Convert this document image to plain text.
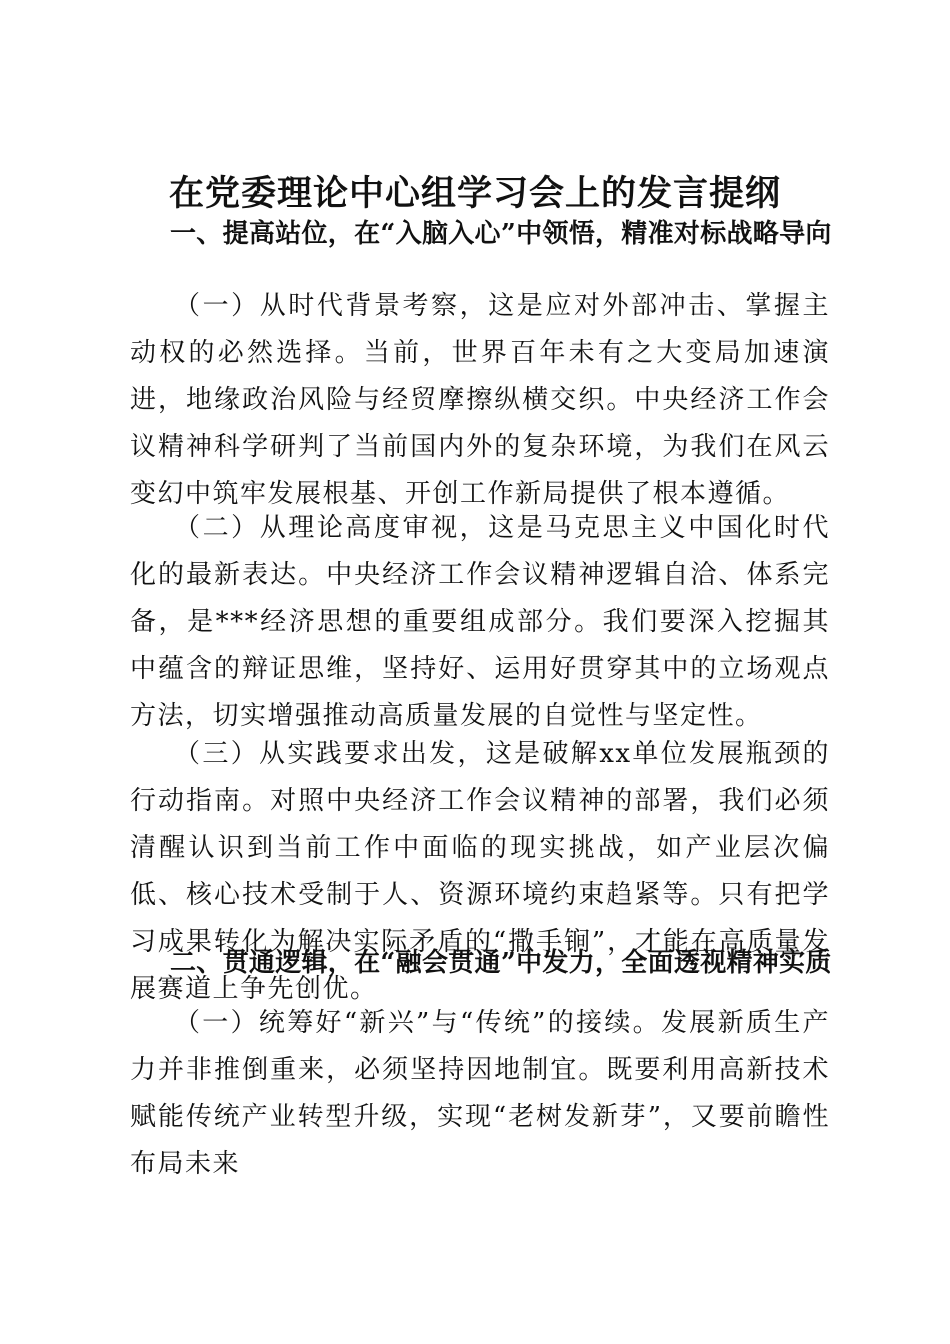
在党委理论中心组学习会上的发言提纲
一、提高站位，在“入脑入心”中领悟，精准对标战略导向
（一）从时代背景考察，这是应对外部冲击、掌握主动权的必然选择。当前，世界百年未有之大变局加速演进，地缘政治风险与经贸摩擦纵横交织。中央经济工作会议精神科学研判了当前国内外的复杂环境，为我们在风云变幻中筑牢发展根基、开创工作新局提供了根本遵循。
（二）从理论高度审视，这是马克思主义中国化时代化的最新表达。中央经济工作会议精神逻辑自洽、体系完备，是***经济思想的重要组成部分。我们要深入挖掘其中蕴含的辩证思维，坚持好、运用好贯穿其中的立场观点方法，切实增强推动高质量发展的自觉性与坚定性。
（三）从实践要求出发，这是破解xx单位发展瓶颈的行动指南。对照中央经济工作会议精神的部署，我们必须清醒认识到当前工作中面临的现实挑战，如产业层次偏低、核心技术受制于人、资源环境约束趋紧等。只有把学习成果转化为解决实际矛盾的“撒手锏”，才能在高质量发展赛道上争先创优。
二、贯通逻辑，在“融会贯通”中发力，全面透视精神实质
（一）统筹好“新兴”与“传统”的接续。发展新质生产力并非推倒重来，必须坚持因地制宜。既要利用高新技术赋能传统产业转型升级，实现“老树发新芽”，又要前瞻性布局未来
